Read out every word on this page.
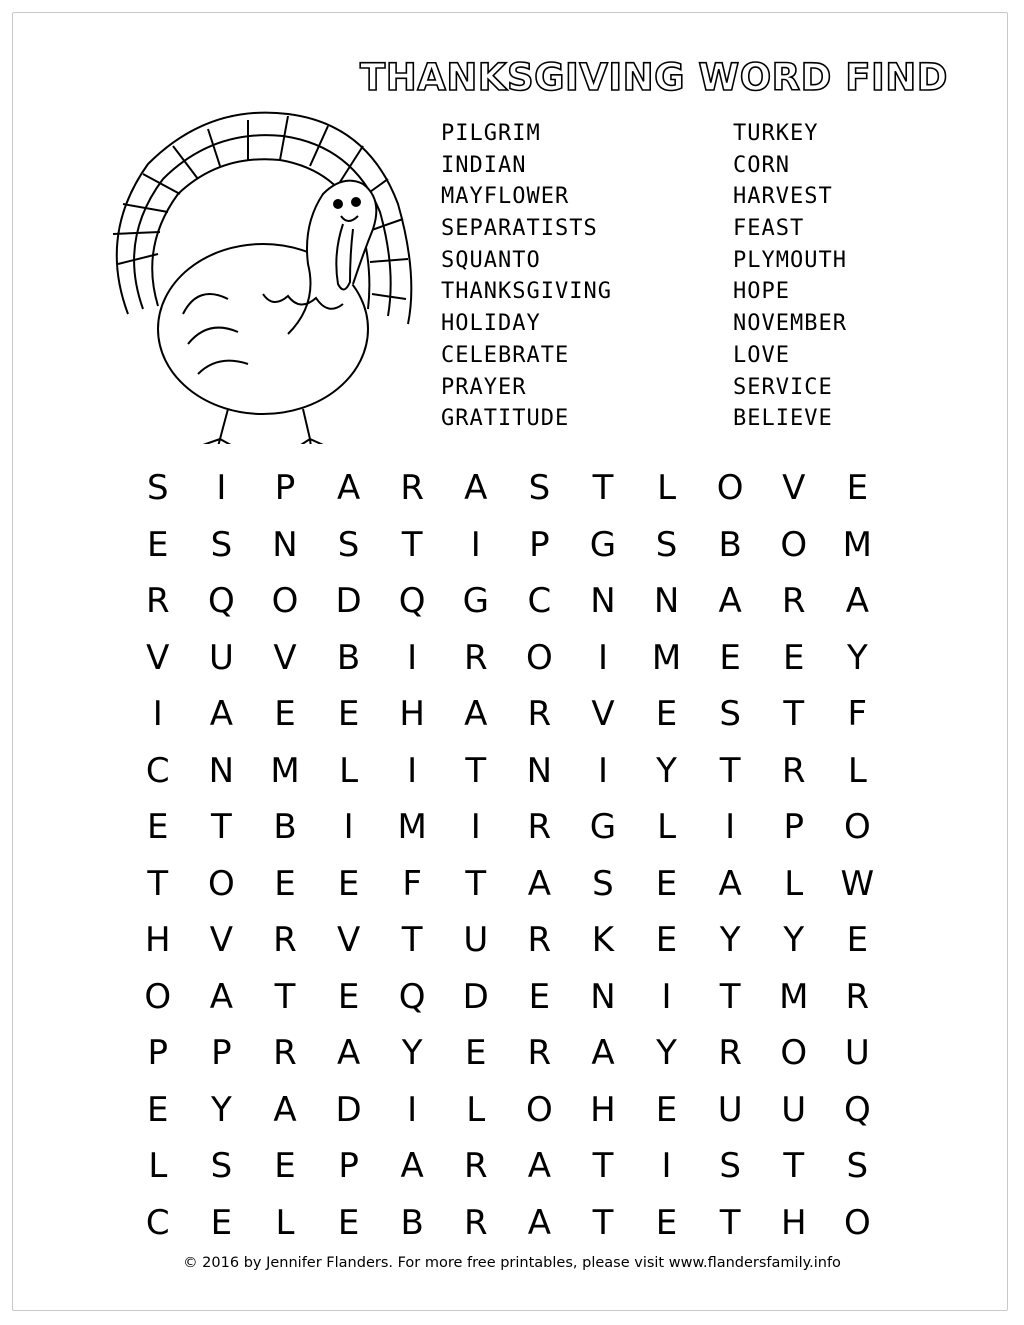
THANKSGIVING WORD FIND
PILGRIM
INDIAN
MAYFLOWER
SEPARATISTS
SQUANTO
THANKSGIVING
HOLIDAY
CELEBRATE
PRAYER
GRATITUDE
TURKEY
CORN
HARVEST
FEAST
PLYMOUTH
HOPE
NOVEMBER
LOVE
SERVICE
BELIEVE
S	I	P	A	R	A	S	T	L	O	V	E
E	S	N	S	T	I	P	G	S	B	O	M
R	Q	O	D	Q	G	C	N	N	A	R	A
V	U	V	B	I	R	O	I	M	E	E	Y
I	A	E	E	H	A	R	V	E	S	T	F
C	N	M	L	I	T	N	I	Y	T	R	L
E	T	B	I	M	I	R	G	L	I	P	O
T	O	E	E	F	T	A	S	E	A	L	W
H	V	R	V	T	U	R	K	E	Y	Y	E
O	A	T	E	Q	D	E	N	I	T	M	R
P	P	R	A	Y	E	R	A	Y	R	O	U
E	Y	A	D	I	L	O	H	E	U	U	Q
L	S	E	P	A	R	A	T	I	S	T	S
C	E	L	E	B	R	A	T	E	T	H	O
© 2016 by Jennifer Flanders. For more free printables, please visit www.flandersfamily.info
